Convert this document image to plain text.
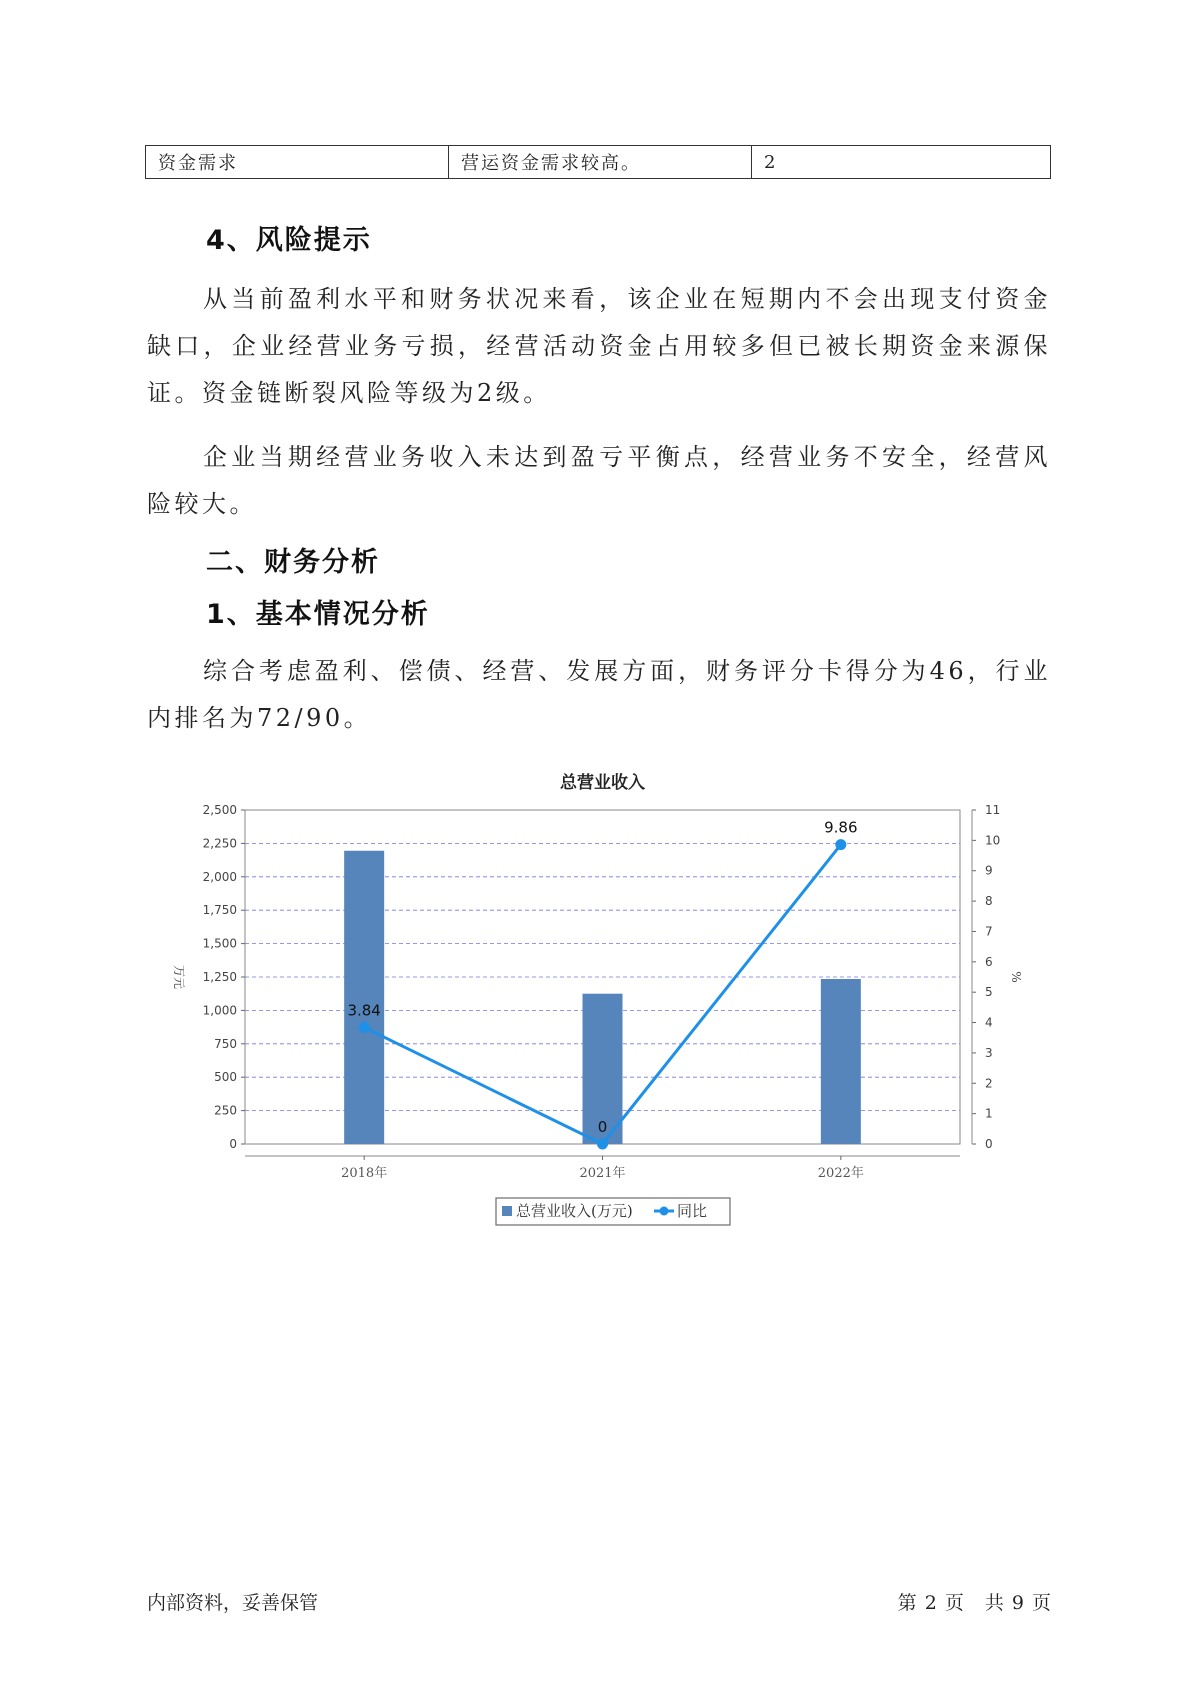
资金需求	营运资金需求较高。	2
4、风险提示

从当前盈利水平和财务状况来看，该企业在短期内不会出现支付资金缺口，企业经营业务亏损，经营活动资金占用较多但已被长期资金来源保证。资金链断裂风险等级为2级。

企业当期经营业务收入未达到盈亏平衡点，经营业务不安全，经营风险较大。

二、财务分析
1、基本情况分析

综合考虑盈利、偿债、经营、发展方面，财务评分卡得分为46，行业内排名为72/90。

总营业收入
0
250
500
750
1,000
1,250
1,500
1,750
2,000
2,250
2,500
0
1
2
3
4
5
6
7
8
9
10
11
万元	%
2018年	2021年	2022年
3.84
0
9.86
总营业收入(万元)	同比

内部资料，妥善保管	第 2 页　共 9 页
